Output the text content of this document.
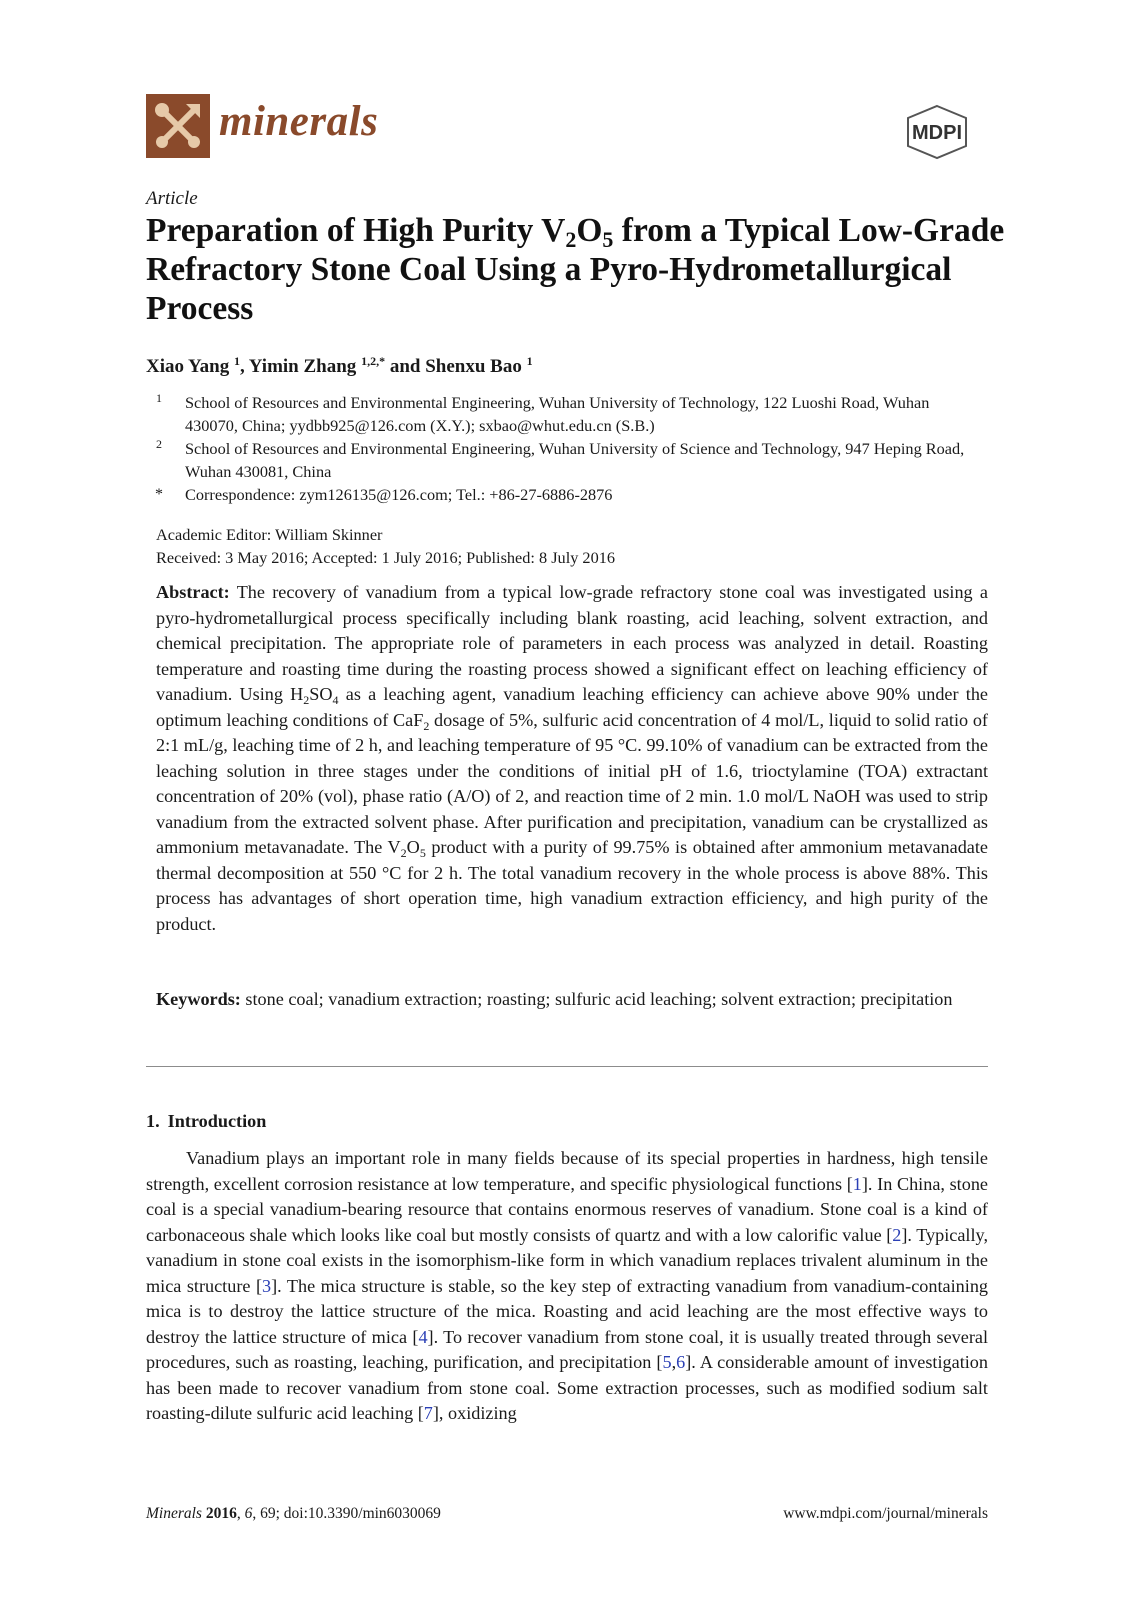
minerals	MDPI
Article
Preparation of High Purity $V_2O_5$ from a Typical Low-Grade Refractory Stone Coal Using a Pyro-Hydrometallurgical Process
Xiao Yang $^1$, Yimin Zhang $^{1,2,*}$ and Shenxu Bao $^1$
1	School of Resources and Environmental Engineering, Wuhan University of Technology, 122 Luoshi Road, Wuhan 430070, China; yydbb925@126.com (X.Y.); sxbao@whut.edu.cn (S.B.)
2	School of Resources and Environmental Engineering, Wuhan University of Science and Technology, 947 Heping Road, Wuhan 430081, China
*	Correspondence: zym126135@126.com; Tel.: +86-27-6886-2876
Academic Editor: William Skinner
Received: 3 May 2016; Accepted: 1 July 2016; Published: 8 July 2016
Abstract: The recovery of vanadium from a typical low-grade refractory stone coal was investigated using a pyro-hydrometallurgical process specifically including blank roasting, acid leaching, solvent extraction, and chemical precipitation. The appropriate role of parameters in each process was analyzed in detail. Roasting temperature and roasting time during the roasting process showed a significant effect on leaching efficiency of vanadium. Using $H_2SO_4$ as a leaching agent, vanadium leaching efficiency can achieve above 90% under the optimum leaching conditions of CaF$_2$ dosage of 5%, sulfuric acid concentration of 4 mol/L, liquid to solid ratio of 2:1 mL/g, leaching time of 2 h, and leaching temperature of 95 °C. 99.10% of vanadium can be extracted from the leaching solution in three stages under the conditions of initial pH of 1.6, trioctylamine (TOA) extractant concentration of 20% (vol), phase ratio (A/O) of 2, and reaction time of 2 min. 1.0 mol/L NaOH was used to strip vanadium from the extracted solvent phase. After purification and precipitation, vanadium can be crystallized as ammonium metavanadate. The $V_2O_5$ product with a purity of 99.75% is obtained after ammonium metavanadate thermal decomposition at 550 °C for 2 h. The total vanadium recovery in the whole process is above 88%. This process has advantages of short operation time, high vanadium extraction efficiency, and high purity of the product.
Keywords: stone coal; vanadium extraction; roasting; sulfuric acid leaching; solvent extraction; precipitation
1. Introduction
Vanadium plays an important role in many fields because of its special properties in hardness, high tensile strength, excellent corrosion resistance at low temperature, and specific physiological functions [1]. In China, stone coal is a special vanadium-bearing resource that contains enormous reserves of vanadium. Stone coal is a kind of carbonaceous shale which looks like coal but mostly consists of quartz and with a low calorific value [2]. Typically, vanadium in stone coal exists in the isomorphism-like form in which vanadium replaces trivalent aluminum in the mica structure [3]. The mica structure is stable, so the key step of extracting vanadium from vanadium-containing mica is to destroy the lattice structure of the mica. Roasting and acid leaching are the most effective ways to destroy the lattice structure of mica [4]. To recover vanadium from stone coal, it is usually treated through several procedures, such as roasting, leaching, purification, and precipitation [5,6]. A considerable amount of investigation has been made to recover vanadium from stone coal. Some extraction processes, such as modified sodium salt roasting-dilute sulfuric acid leaching [7], oxidizing
Minerals 2016, 6, 69; doi:10.3390/min6030069	www.mdpi.com/journal/minerals
